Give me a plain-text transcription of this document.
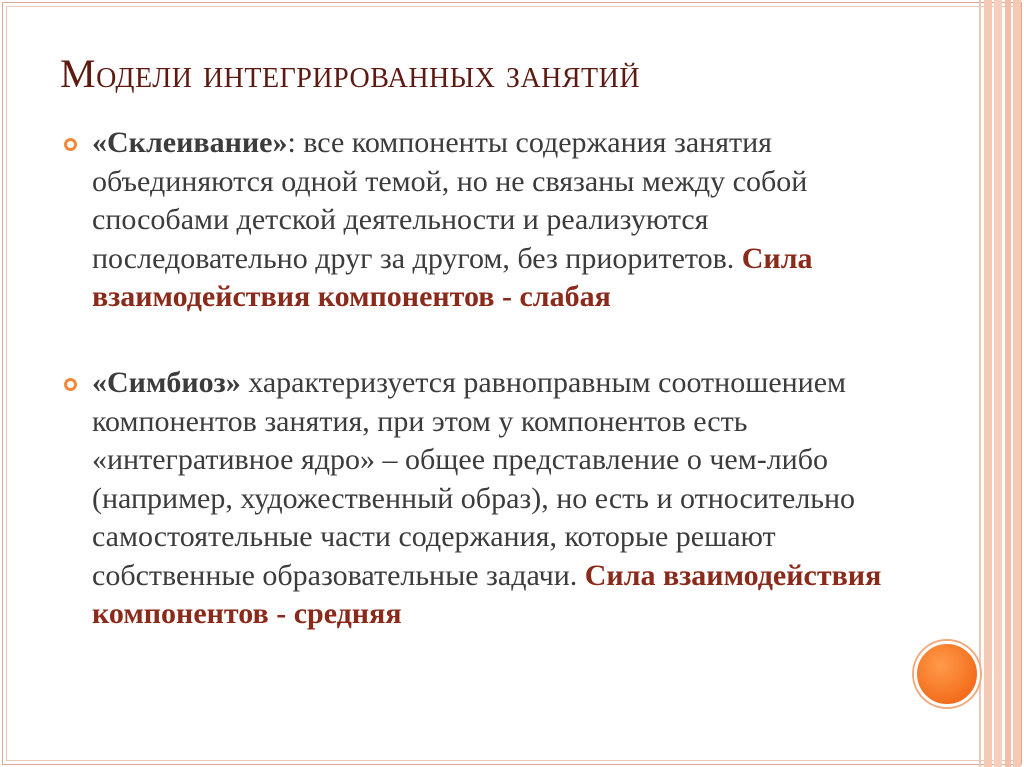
Модели интегрированных занятий
«Склеивание»: все компоненты содержания занятия объединяются одной темой, но не связаны между собой способами детской деятельности и реализуются последовательно друг за другом, без приоритетов. Сила взаимодействия компонентов - слабая
«Симбиоз» характеризуется равноправным соотношением компонентов занятия, при этом у компонентов есть «интегративное ядро» – общее представление о чем-либо (например, художественный образ), но есть и относительно самостоятельные части содержания, которые решают собственные образовательные задачи. Сила взаимодействия компонентов - средняя
